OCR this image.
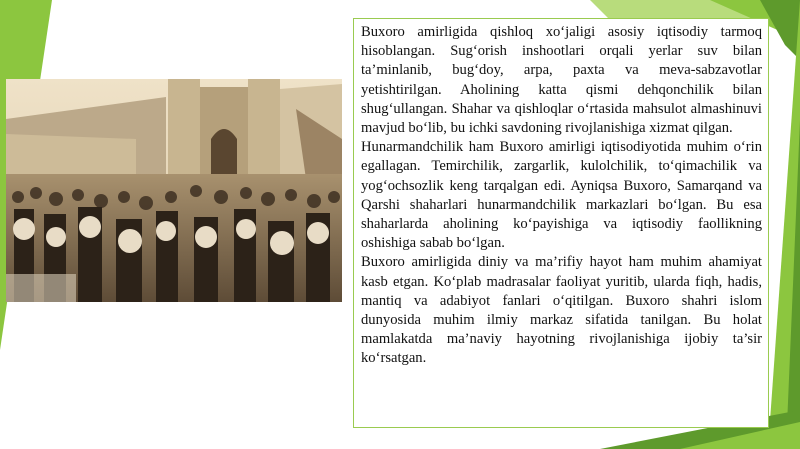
Buxoro amirligida qishloq xo‘jaligi asosiy iqtisodiy tarmoq hisoblangan. Sug‘orish inshootlari orqali yerlar suv bilan ta’minlanib, bug‘doy, arpa, paxta va meva-sabzavotlar yetishtirilgan. Aholining katta qismi dehqonchilik bilan shug‘ullangan. Shahar va qishloqlar o‘rtasida mahsulot almashinuvi mavjud bo‘lib, bu ichki savdoning rivojlanishiga xizmat qilgan.

Hunarmandchilik ham Buxoro amirligi iqtisodiyotida muhim o‘rin egallagan. Temirchilik, zargarlik, kulolchilik, to‘qimachilik va yog‘ochsozlik keng tarqalgan edi. Ayniqsa Buxoro, Samarqand va Qarshi shaharlari hunarmandchilik markazlari bo‘lgan. Bu esa shaharlarda aholining ko‘payishiga va iqtisodiy faollikning oshishiga sabab bo‘lgan.

Buxoro amirligida diniy va ma’rifiy hayot ham muhim ahamiyat kasb etgan. Ko‘plab madrasalar faoliyat yuritib, ularda fiqh, hadis, mantiq va adabiyot fanlari o‘qitilgan. Buxoro shahri islom dunyosida muhim ilmiy markaz sifatida tanilgan. Bu holat mamlakatda ma’naviy hayotning rivojlanishiga ijobiy ta’sir ko‘rsatgan.
